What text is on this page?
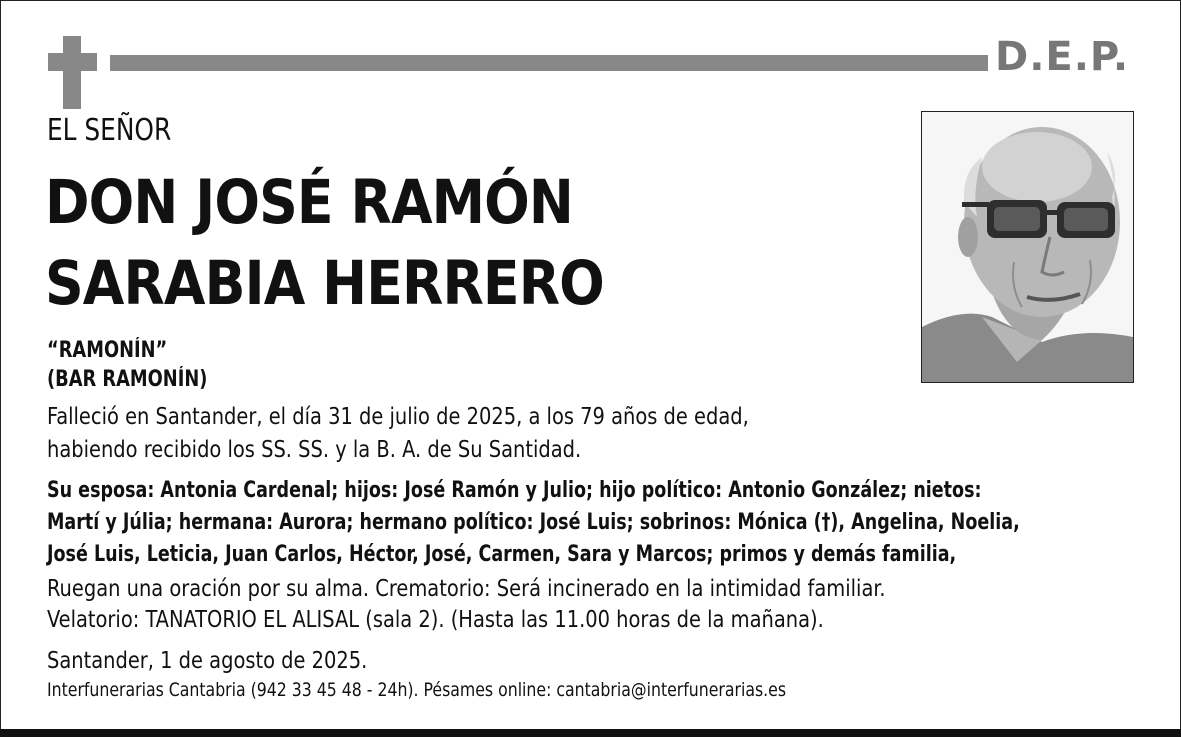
D.E.P.
EL SEÑOR
DON JOSÉ RAMÓN
SARABIA HERRERO
“RAMONÍN”
(BAR RAMONÍN)
Falleció en Santander, el día 31 de julio de 2025, a los 79 años de edad,
habiendo recibido los SS. SS. y la B. A. de Su Santidad.
Su esposa: Antonia Cardenal; hijos: José Ramón y Julio; hijo político: Antonio González; nietos:
Martí y Júlia; hermana: Aurora; hermano político: José Luis; sobrinos: Mónica (†), Angelina, Noelia,
José Luis, Leticia, Juan Carlos, Héctor, José, Carmen, Sara y Marcos; primos y demás familia,
Ruegan una oración por su alma. Crematorio: Será incinerado en la intimidad familiar.
Velatorio: TANATORIO EL ALISAL (sala 2). (Hasta las 11.00 horas de la mañana).
Santander, 1 de agosto de 2025.
Interfunerarias Cantabria (942 33 45 48 - 24h). Pésames online: cantabria@interfunerarias.es
